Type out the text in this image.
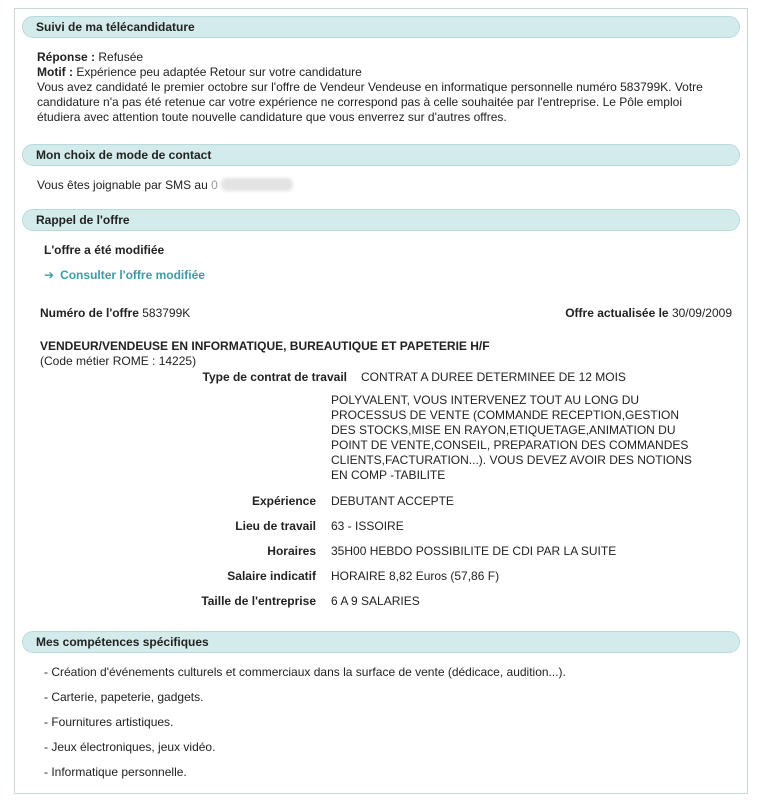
Suivi de ma télécandidature
Réponse : Refusée
Motif : Expérience peu adaptée Retour sur votre candidature
Vous avez candidaté le premier octobre sur l'offre de Vendeur Vendeuse en informatique personnelle numéro 583799K. Votre
candidature n'a pas été retenue car votre expérience ne correspond pas à celle souhaitée par l'entreprise. Le Pôle emploi
étudiera avec attention toute nouvelle candidature que vous enverrez sur d'autres offres.
Mon choix de mode de contact
Vous êtes joignable par SMS au 0
Rappel de l'offre
L'offre a été modifiée
➔ Consulter l'offre modifiée
Numéro de l'offre 583799K	Offre actualisée le 30/09/2009
VENDEUR/VENDEUSE EN INFORMATIQUE, BUREAUTIQUE ET PAPETERIE H/F
(Code métier ROME : 14225)
Type de contrat de travail CONTRAT A DUREE DETERMINEE DE 12 MOIS
POLYVALENT, VOUS INTERVENEZ TOUT AU LONG DU
PROCESSUS DE VENTE (COMMANDE RECEPTION,GESTION
DES STOCKS,MISE EN RAYON,ETIQUETAGE,ANIMATION DU
POINT DE VENTE,CONSEIL, PREPARATION DES COMMANDES
CLIENTS,FACTURATION...). VOUS DEVEZ AVOIR DES NOTIONS
EN COMP -TABILITE
Expérience DEBUTANT ACCEPTE
Lieu de travail 63 - ISSOIRE
Horaires 35H00 HEBDO POSSIBILITE DE CDI PAR LA SUITE
Salaire indicatif HORAIRE 8,82 Euros (57,86 F)
Taille de l'entreprise 6 A 9 SALARIES
Mes compétences spécifiques
- Création d'événements culturels et commerciaux dans la surface de vente (dédicace, audition...).
- Carterie, papeterie, gadgets.
- Fournitures artistiques.
- Jeux électroniques, jeux vidéo.
- Informatique personnelle.
